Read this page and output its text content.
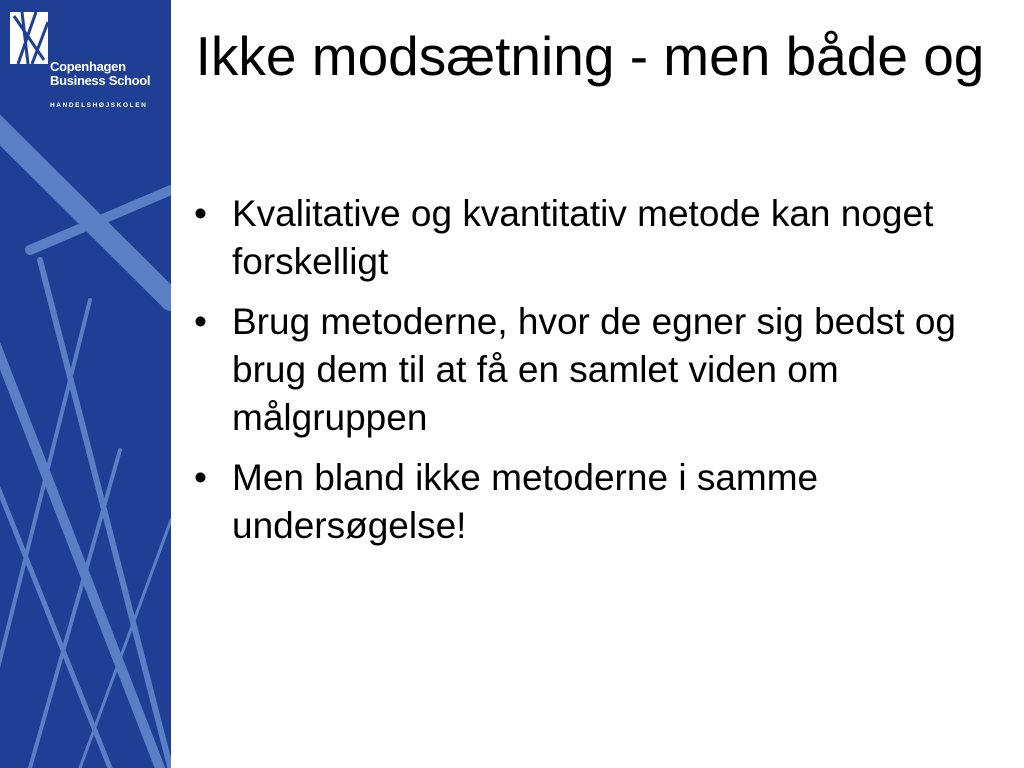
Copenhagen
Business School
HANDELSHØJSKOLEN
Ikke modsætning - men både og
• Kvalitative og kvantitativ metode kan noget forskelligt
• Brug metoderne, hvor de egner sig bedst og brug dem til at få en samlet viden om målgruppen
• Men bland ikke metoderne i samme undersøgelse!
